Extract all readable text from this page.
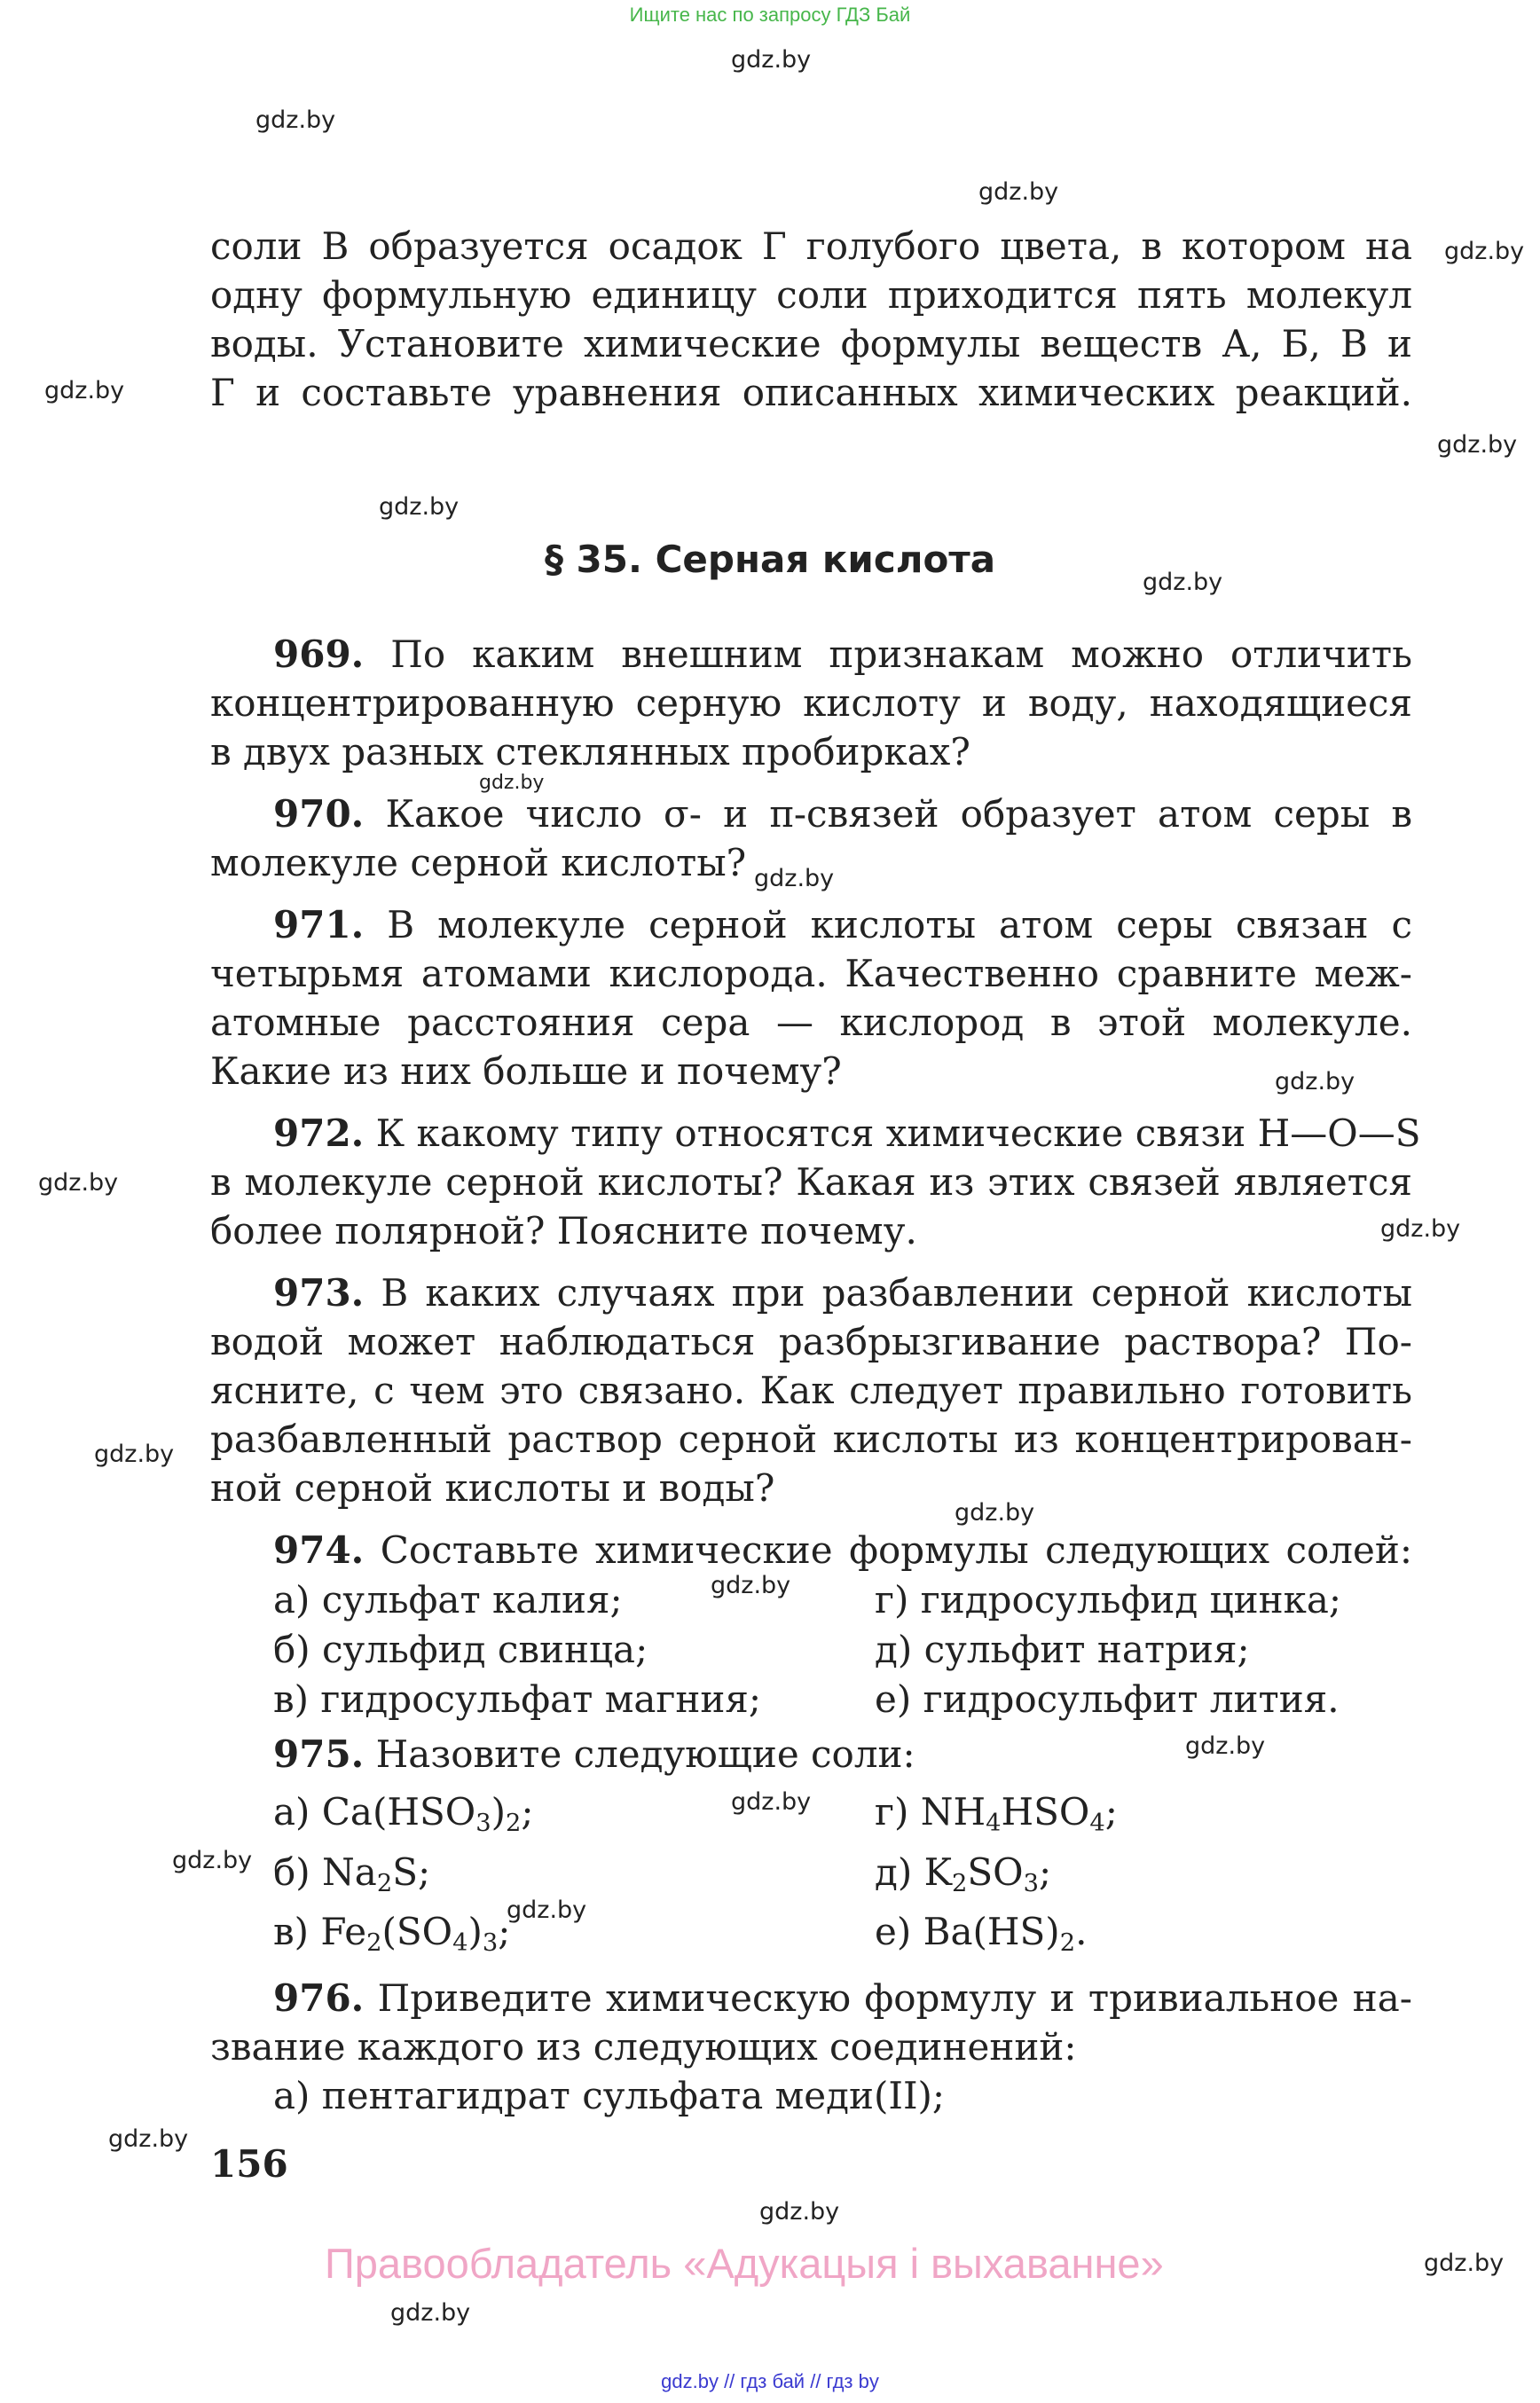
Ищите нас по запросу ГДЗ Бай
gdz.by
gdz.by
gdz.by
gdz.by
gdz.by
gdz.by
gdz.by
gdz.by
gdz.by
gdz.by
gdz.by
gdz.by
gdz.by
gdz.by
gdz.by
gdz.by
gdz.by
gdz.by
gdz.by
gdz.by
gdz.by
gdz.by
gdz.by
gdz.by
соли В образуется осадок Г голубого цвета, в котором на
одну формульную единицу соли приходится пять молекул
воды. Установите химические формулы веществ А, Б, В и
Г и составьте уравнения описанных химических реакций.
§ 35. Серная кислота
969. По каким внешним признакам можно отличить
концентрированную серную кислоту и воду, находящиеся
в двух разных стеклянных пробирках?
970. Какое число σ- и π-связей образует атом серы в
молекуле серной кислоты?
971. В молекуле серной кислоты атом серы связан с
четырьмя атомами кислорода. Качественно сравните меж-
атомные расстояния сера — кислород в этой молекуле.
Какие из них больше и почему?
972. К какому типу относятся химические связи H—O—S
в молекуле серной кислоты? Какая из этих связей является
более полярной? Поясните почему.
973. В каких случаях при разбавлении серной кислоты
водой может наблюдаться разбрызгивание раствора? По-
ясните, с чем это связано. Как следует правильно готовить
разбавленный раствор серной кислоты из концентрирован-
ной серной кислоты и воды?
974. Составьте химические формулы следующих солей:
а) сульфат калия;	г) гидросульфид цинка;
б) сульфид свинца;	д) сульфит натрия;
в) гидросульфат магния;	е) гидросульфит лития.
975. Назовите следующие соли:
а) $Ca(HSO_3)_2$;	г) $NH_4HSO_4$;
б) $Na_2S$;	д) $K_2SO_3$;
в) $Fe_2(SO_4)_3$;	е) $Ba(HS)_2$.
976. Приведите химическую формулу и тривиальное на-
звание каждого из следующих соединений:
а) пентагидрат сульфата меди(II);
156
Правообладатель «Адукацыя і выхаванне»
gdz.by // гдз бай // гдз by
